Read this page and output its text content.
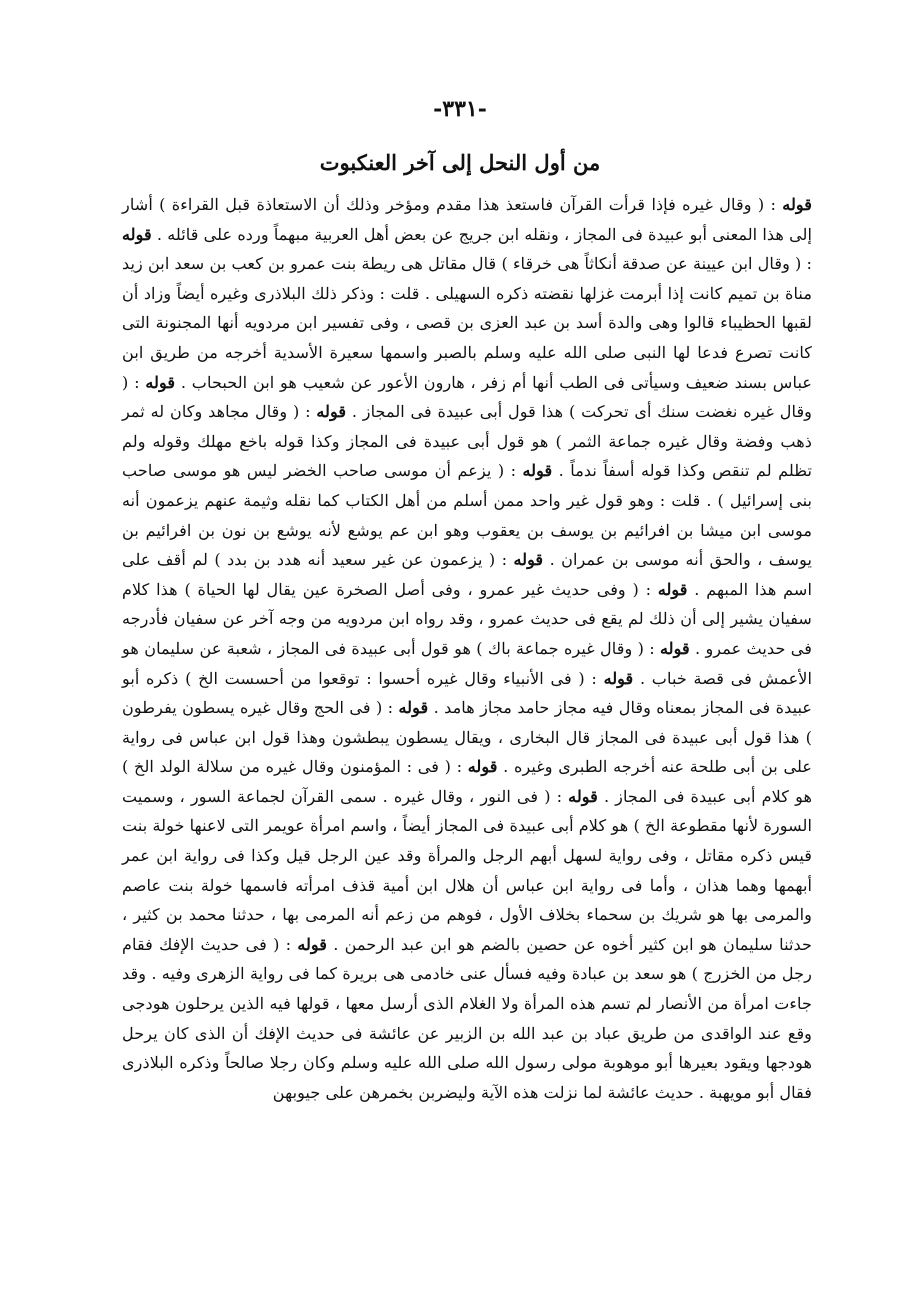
-٣٣١-
من أول النحل إلى آخر العنكبوت
قوله : ( وقال غيره فإذا قرأت القرآن فاستعذ هذا مقدم ومؤخر وذلك أن الاستعاذة قبل القراءة ) أشار إلى هذا المعنى أبو عبيدة فى المجاز ، ونقله ابن جريج عن بعض أهل العربية مبهماً ورده على قائله . قوله : ( وقال ابن عيينة عن صدقة أنكاثاً هى خرقاء ) قال مقاتل هى ريطة بنت عمرو بن كعب بن سعد ابن زيد مناة بن تميم كانت إذا أبرمت غزلها نقضته ذكره السهيلى . قلت : وذكر ذلك البلاذرى وغيره أيضاً وزاد أن لقبها الحظيباء قالوا وهى والدة أسد بن عبد العزى بن قصى ، وفى تفسير ابن مردويه أنها المجنونة التى كانت تصرع فدعا لها النبى صلى الله عليه وسلم بالصبر واسمها سعيرة الأسدية أخرجه من طريق ابن عباس بسند ضعيف وسيأتى فى الطب أنها أم زفر ، هارون الأعور عن شعيب هو ابن الحبحاب . قوله : ( وقال غيره نغضت سنك أى تحركت ) هذا قول أبى عبيدة فى المجاز . قوله : ( وقال مجاهد وكان له ثمر ذهب وفضة وقال غيره جماعة الثمر ) هو قول أبى عبيدة فى المجاز وكذا قوله باخع مهلك وقوله ولم تظلم لم تنقص وكذا قوله أسفاً ندماً . قوله : ( يزعم أن موسى صاحب الخضر ليس هو موسى صاحب بنى إسرائيل ) . قلت : وهو قول غير واحد ممن أسلم من أهل الكتاب كما نقله وثيمة عنهم يزعمون أنه موسى ابن ميشا بن افرائيم بن يوسف بن يعقوب وهو ابن عم يوشع لأنه يوشع بن نون بن افرائيم بن يوسف ، والحق أنه موسى بن عمران . قوله : ( يزعمون عن غير سعيد أنه هدد بن بدد ) لم أقف على اسم هذا المبهم . قوله : ( وفى حديث غير عمرو ، وفى أصل الصخرة عين يقال لها الحياة ) هذا كلام سفيان يشير إلى أن ذلك لم يقع فى حديث عمرو ، وقد رواه ابن مردويه من وجه آخر عن سفيان فأدرجه فى حديث عمرو . قوله : ( وقال غيره جماعة باك ) هو قول أبى عبيدة فى المجاز ، شعبة عن سليمان هو الأعمش فى قصة خباب . قوله : ( فى الأنبياء وقال غيره أحسوا : توقعوا من أحسست الخ ) ذكره أبو عبيدة فى المجاز بمعناه وقال فيه مجاز حامد مجاز هامد . قوله : ( فى الحج وقال غيره يسطون يفرطون ) هذا قول أبى عبيدة فى المجاز قال البخارى ، ويقال يسطون يبطشون وهذا قول ابن عباس فى رواية على بن أبى طلحة عنه أخرجه الطبرى وغيره . قوله : ( فى : المؤمنون وقال غيره من سلالة الولد الخ ) هو كلام أبى عبيدة فى المجاز . قوله : ( فى النور ، وقال غيره . سمى القرآن لجماعة السور ، وسميت السورة لأنها مقطوعة الخ ) هو كلام أبى عبيدة فى المجاز أيضاً ، واسم امرأة عويمر التى لاعنها خولة بنت قيس ذكره مقاتل ، وفى رواية لسهل أبهم الرجل والمرأة وقد عين الرجل قيل وكذا فى رواية ابن عمر أبهمها وهما هذان ، وأما فى رواية ابن عباس أن هلال ابن أمية قذف امرأته فاسمها خولة بنت عاصم والمرمى بها هو شريك بن سحماء بخلاف الأول ، فوهم من زعم أنه المرمى بها ، حدثنا محمد بن كثير ، حدثنا سليمان هو ابن كثير أخوه عن حصين بالضم هو ابن عبد الرحمن . قوله : ( فى حديث الإفك فقام رجل من الخزرج ) هو سعد بن عبادة وفيه فسأل عنى خادمى هى بريرة كما فى رواية الزهرى وفيه . وقد جاءت امرأة من الأنصار لم تسم هذه المرأة ولا الغلام الذى أرسل معها ، قولها فيه الذين يرحلون هودجى وقع عند الواقدى من طريق عباد بن عبد الله بن الزبير عن عائشة فى حديث الإفك أن الذى كان يرحل هودجها ويقود بعيرها أبو موهوبة مولى رسول الله صلى الله عليه وسلم وكان رجلا صالحاً وذكره البلاذرى فقال أبو مويهبة . حديث عائشة لما نزلت هذه الآية وليضربن بخمرهن على جيوبهن
